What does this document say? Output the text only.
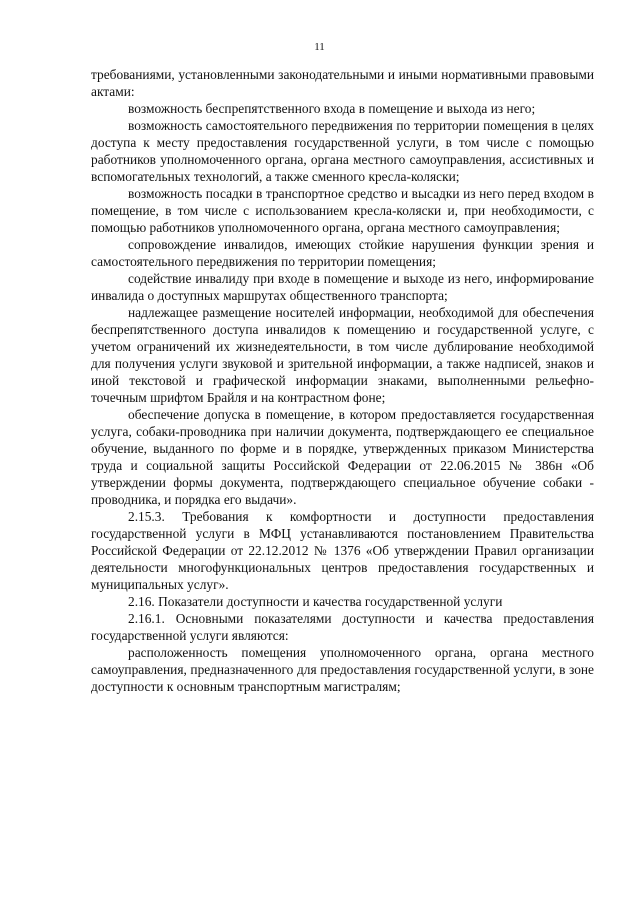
11

требованиями, установленными законодательными и иными нормативными правовыми актами:

возможность беспрепятственного входа в помещение и выхода из него;

возможность самостоятельного передвижения по территории помещения в целях доступа к месту предоставления государственной услуги, в том числе с помощью работников уполномоченного органа, органа местного самоуправления, ассистивных и вспомогательных технологий, а также сменного кресла-коляски;

возможность посадки в транспортное средство и высадки из него перед входом в помещение, в том числе с использованием кресла-коляски и, при необходимости, с помощью работников уполномоченного органа, органа местного самоуправления;

сопровождение инвалидов, имеющих стойкие нарушения функции зрения и самостоятельного передвижения по территории помещения;

содействие инвалиду при входе в помещение и выходе из него, информирование инвалида о доступных маршрутах общественного транспорта;

надлежащее размещение носителей информации, необходимой для обеспечения беспрепятственного доступа инвалидов к помещению и государственной услуге, с учетом ограничений их жизнедеятельности, в том числе дублирование необходимой для получения услуги звуковой и зрительной информации, а также надписей, знаков и иной текстовой и графической информации знаками, выполненными рельефно-точечным шрифтом Брайля и на контрастном фоне;

обеспечение допуска в помещение, в котором предоставляется государственная услуга, собаки-проводника при наличии документа, подтверждающего ее специальное обучение, выданного по форме и в порядке, утвержденных приказом Министерства труда и социальной защиты Российской Федерации от 22.06.2015 № 386н «Об утверждении формы документа, подтверждающего специальное обучение собаки - проводника, и порядка его выдачи».

2.15.3. Требования к комфортности и доступности предоставления государственной услуги в МФЦ устанавливаются постановлением Правительства Российской Федерации от 22.12.2012 № 1376 «Об утверждении Правил организации деятельности многофункциональных центров предоставления государственных и муниципальных услуг».

2.16. Показатели доступности и качества государственной услуги

2.16.1. Основными показателями доступности и качества предоставления государственной услуги являются:

расположенность помещения уполномоченного органа, органа местного самоуправления, предназначенного для предоставления государственной услуги, в зоне доступности к основным транспортным магистралям;
